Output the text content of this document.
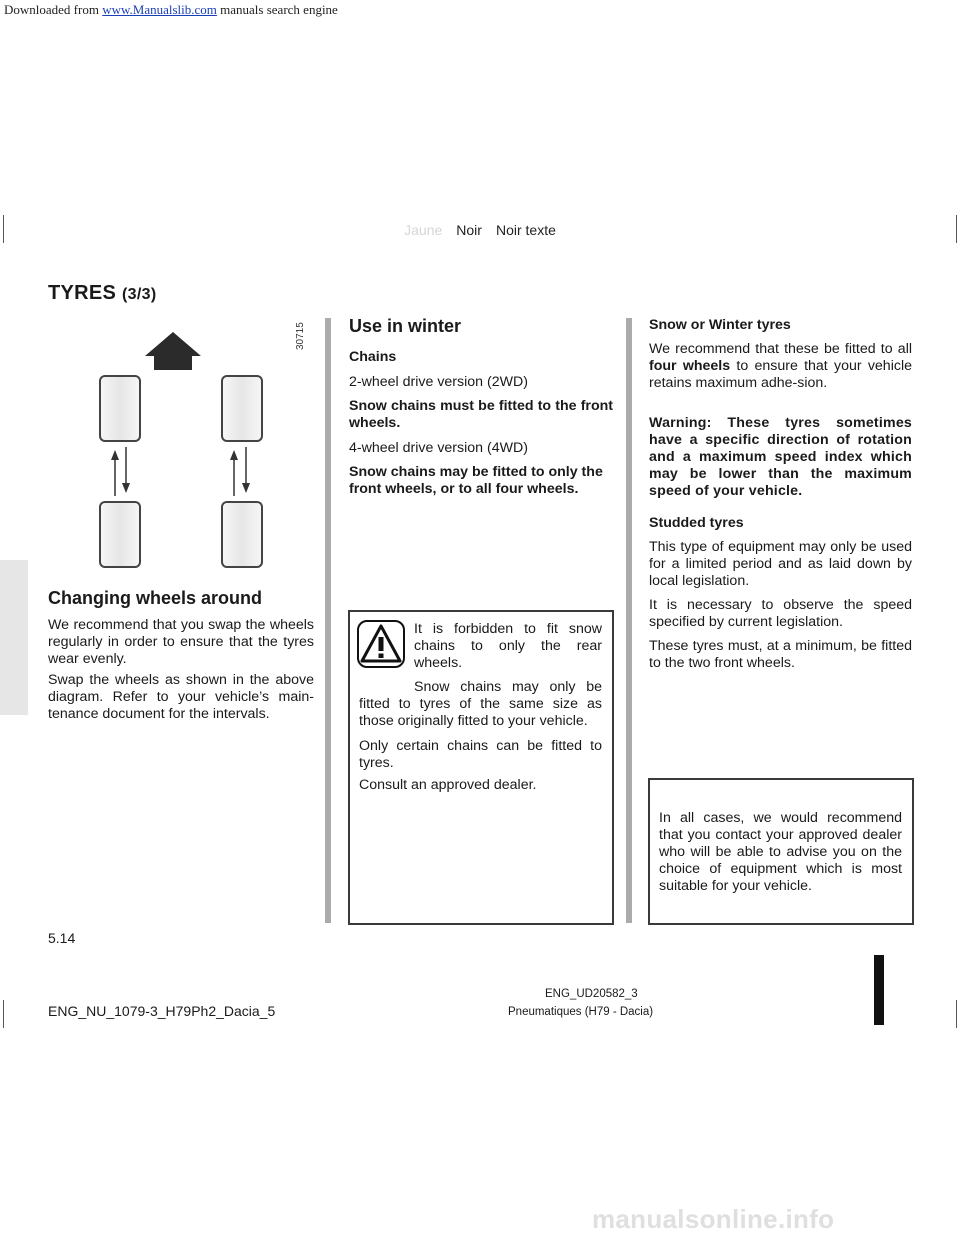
Downloaded from www.Manualslib.com manuals search engine
Jaune Noir Noir texte
TYRES (3/3)
30715
Changing wheels around

We recommend that you swap the wheels regularly in order to ensure that the tyres wear evenly.

Swap the wheels as shown in the above diagram. Refer to your vehicle’s main-tenance document for the intervals.

Use in winter

Chains

2-wheel drive version (2WD)

Snow chains must be fitted to the front wheels.

4-wheel drive version (4WD)

Snow chains may be fitted to only the front wheels, or to all four wheels.

It is forbidden to fit snow chains to only the rear wheels.

Snow chains may only be fitted to tyres of the same size as those originally fitted to your vehicle.

Only certain chains can be fitted to tyres.

Consult an approved dealer.

Snow or Winter tyres

We recommend that these be fitted to all four wheels to ensure that your vehicle retains maximum adhe-sion.

Warning: These tyres sometimes have a specific direction of rotation and a maximum speed index which may be lower than the maximum speed of your vehicle.

Studded tyres

This type of equipment may only be used for a limited period and as laid down by local legislation.

It is necessary to observe the speed specified by current legislation.

These tyres must, at a minimum, be fitted to the two front wheels.

In all cases, we would recommend that you contact your approved dealer who will be able to advise you on the choice of equipment which is most suitable for your vehicle.

5.14
ENG_NU_1079-3_H79Ph2_Dacia_5
ENG_UD20582_3
Pneumatiques (H79 - Dacia)
manualsonline.info
